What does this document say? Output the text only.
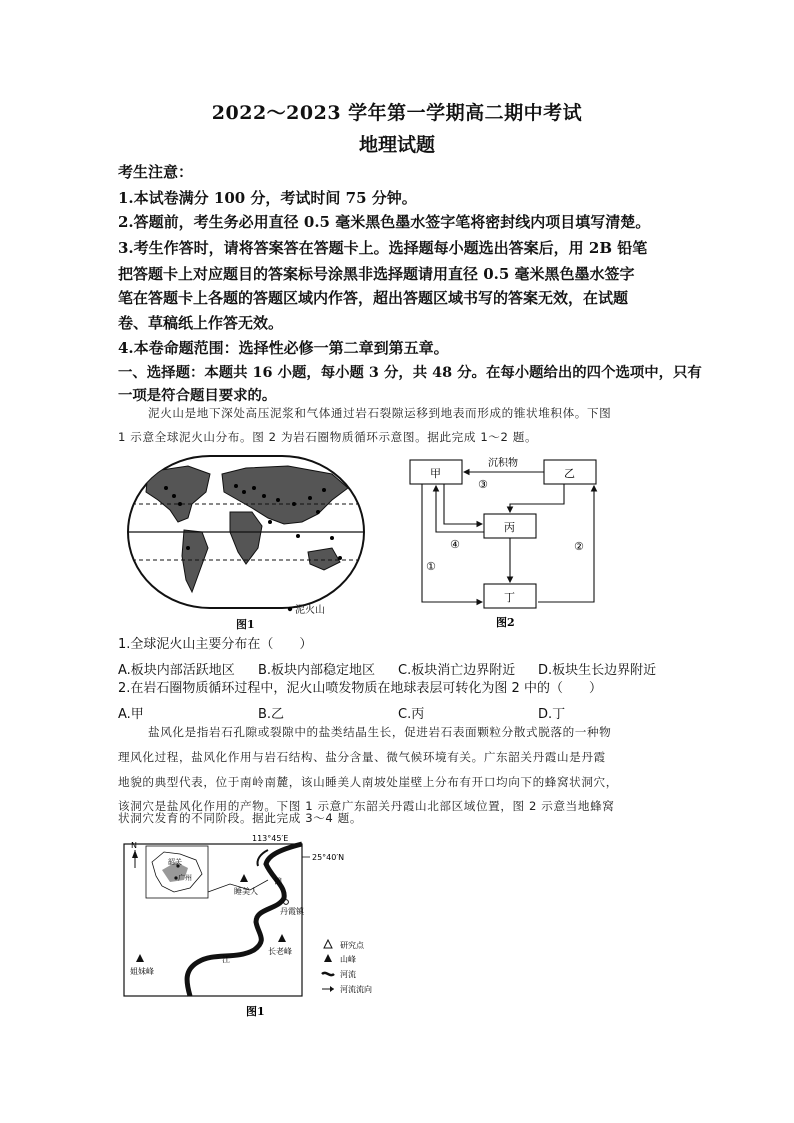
2022～2023 学年第一学期高二期中考试
地理试题
考生注意：
1.本试卷满分 100 分，考试时间 75 分钟。
2.答题前，考生务必用直径 0.5 毫米黑色墨水签字笔将密封线内项目填写清楚。
3.考生作答时，请将答案答在答题卡上。选择题每小题选出答案后，用 2B 铅笔
把答题卡上对应题目的答案标号涂黑非选择题请用直径 0.5 毫米黑色墨水签字
笔在答题卡上各题的答题区域内作答，超出答题区域书写的答案无效，在试题
卷、草稿纸上作答无效。
4.本卷命题范围：选择性必修一第二章到第五章。
一、选择题：本题共 16 小题，每小题 3 分，共 48 分。在每小题给出的四个选项中，只有
一项是符合题目要求的。
泥火山是地下深处高压泥浆和气体通过岩石裂隙运移到地表而形成的锥状堆积体。下图
1 示意全球泥火山分布。图 2 为岩石圈物质循环示意图。据此完成 1～2 题。
泥火山
图1
甲	乙
丙
丁
沉积物
③
④
①
②
图2
1.全球泥火山主要分布在（　　）
A.板块内部活跃地区 B.板块内部稳定地区 C.板块消亡边界附近 D.板块生长边界附近
2.在岩石圈物质循环过程中，泥火山喷发物质在地球表层可转化为图 2 中的（　　）
A.甲	B.乙	C.丙	D.丁
盐风化是指岩石孔隙或裂隙中的盐类结晶生长，促进岩石表面颗粒分散式脱落的一种物
理风化过程，盐风化作用与岩石结构、盐分含量、微气候环境有关。广东韶关丹霞山是丹霞
地貌的典型代表，位于南岭南麓，该山睡美人南坡处崖壁上分布有开口均向下的蜂窝状洞穴，
该洞穴是盐风化作用的产物。下图 1 示意广东韶关丹霞山北部区域位置，图 2 示意当地蜂窝
状洞穴发育的不同阶段。据此完成 3～4 题。
113°45′E
25°40′N
N
韶关
广州
睡美人
锦
丹霞镇
长老峰
江
姐妹峰
研究点
山峰
河流
河流流向
图1
